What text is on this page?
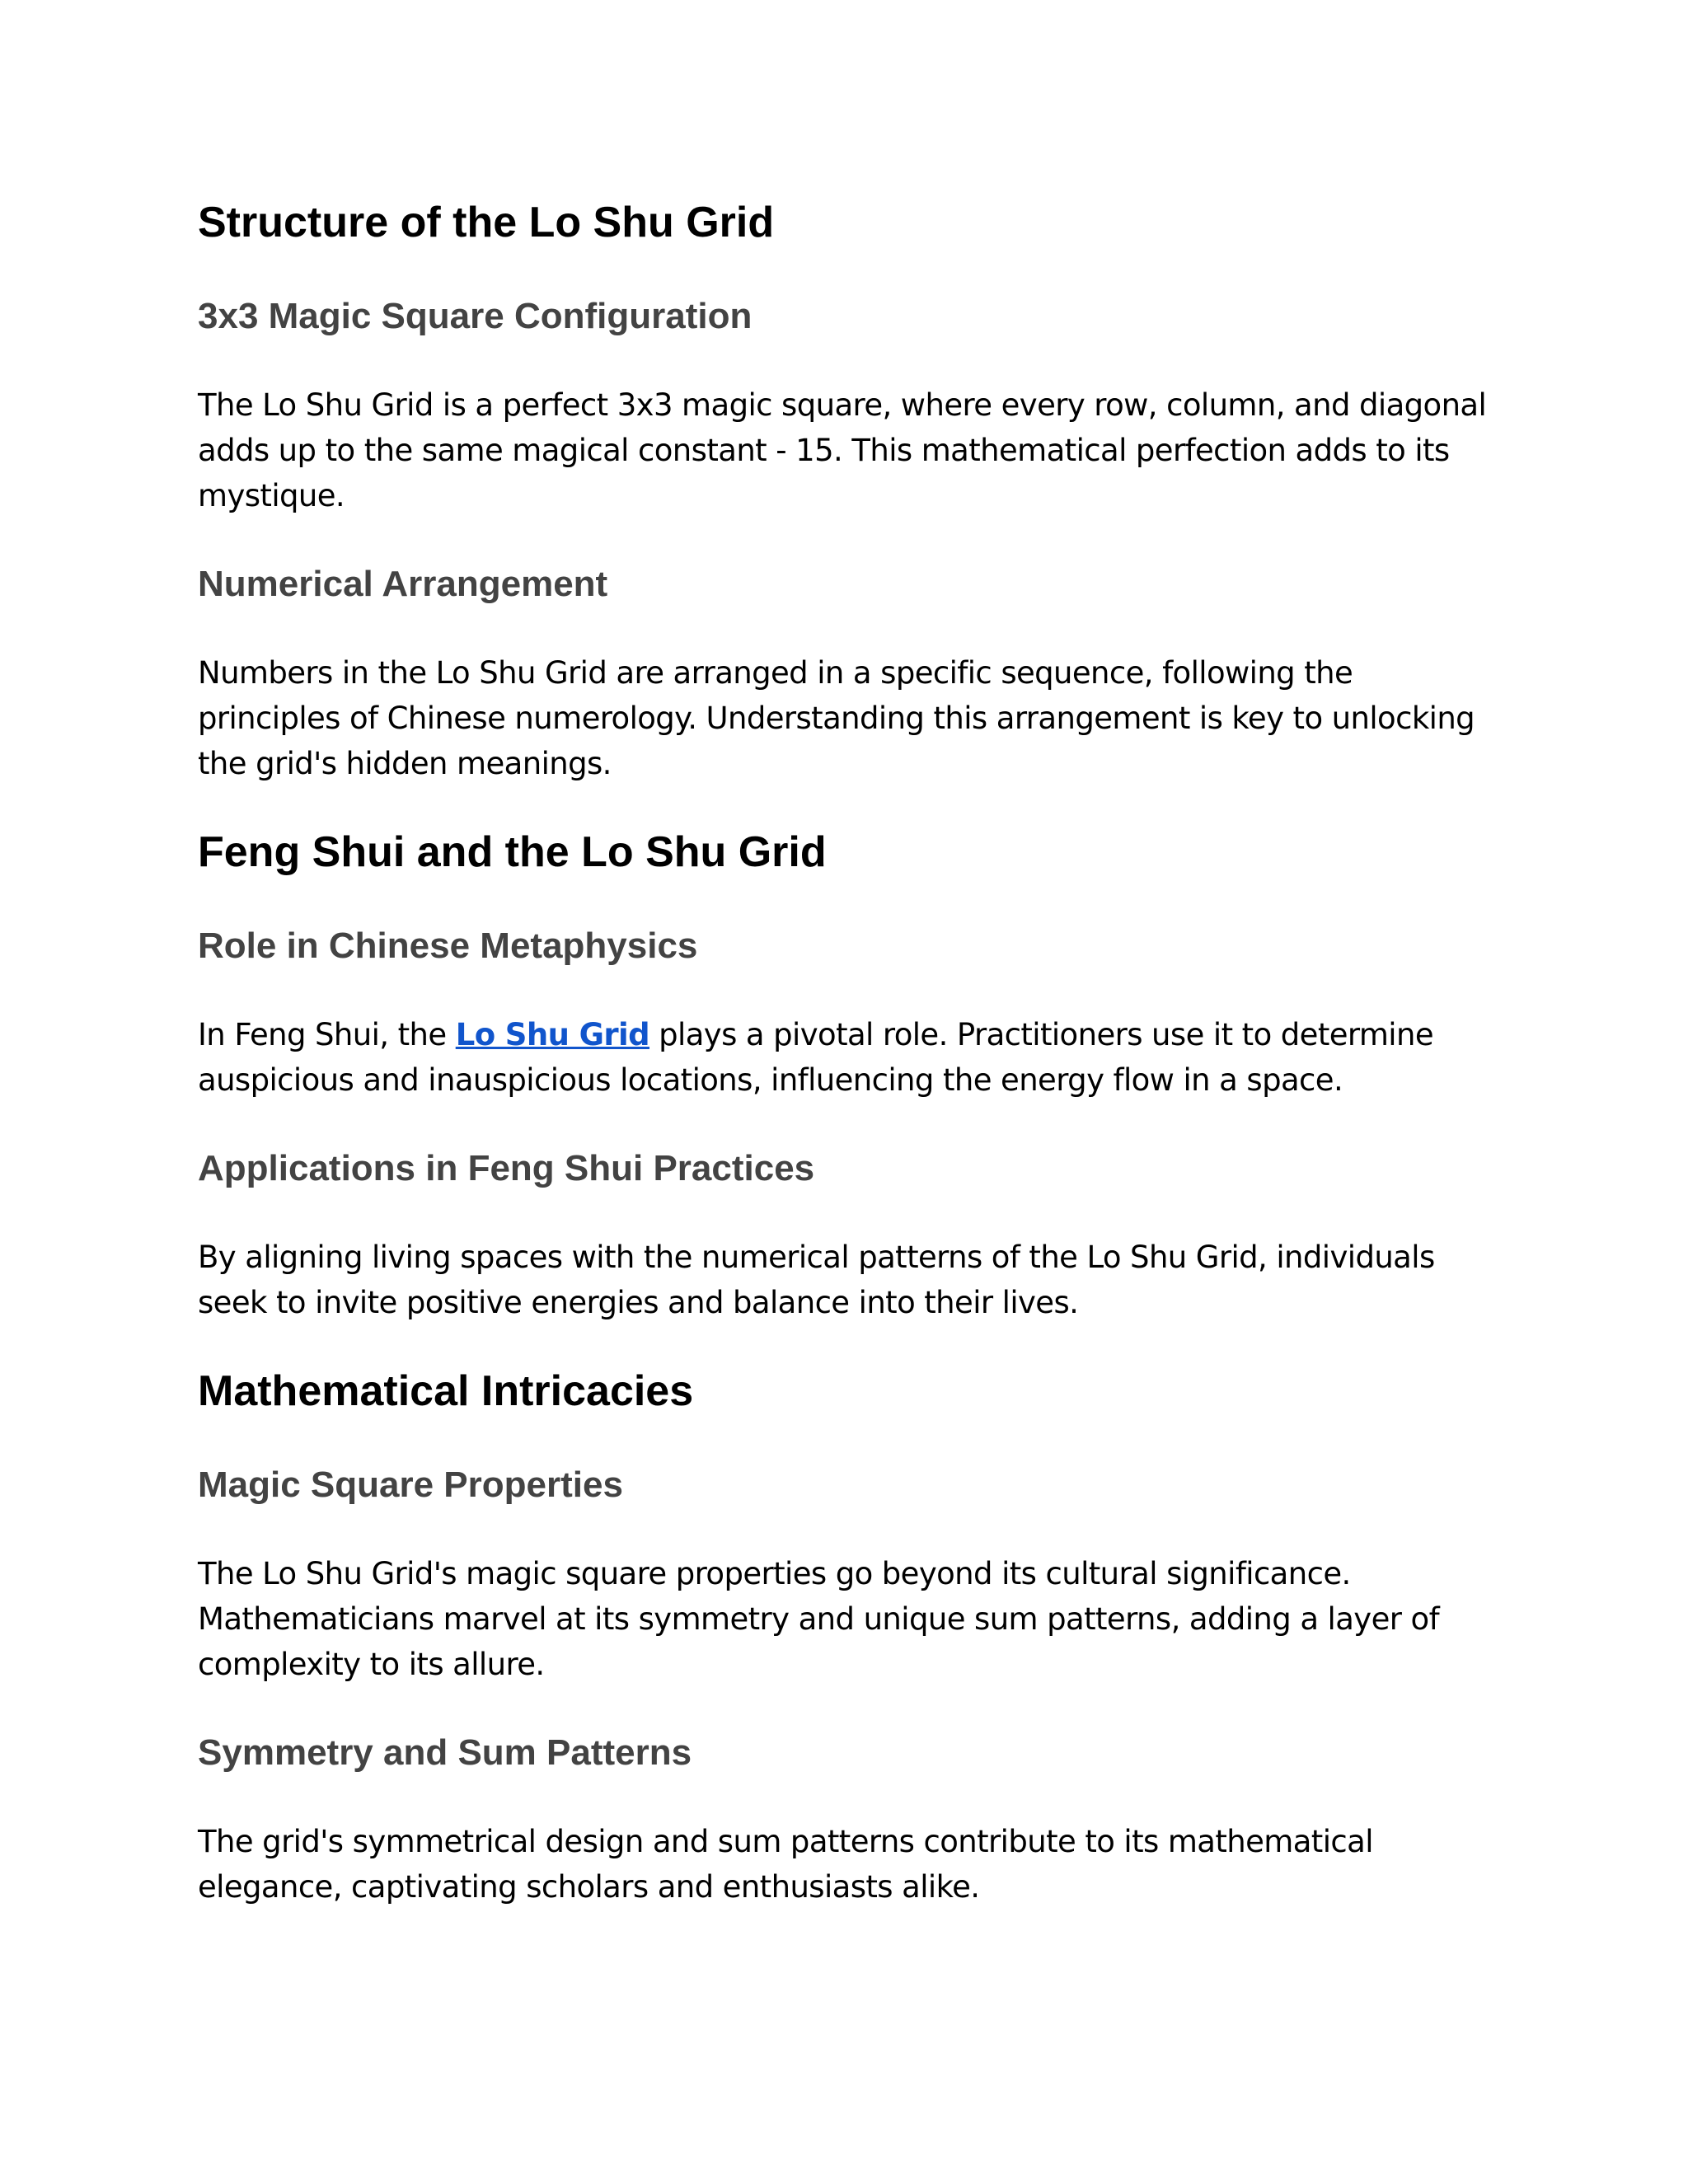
Structure of the Lo Shu Grid
3x3 Magic Square Configuration

The Lo Shu Grid is a perfect 3x3 magic square, where every row, column, and diagonal adds up to the same magical constant - 15. This mathematical perfection adds to its mystique.

Numerical Arrangement

Numbers in the Lo Shu Grid are arranged in a specific sequence, following the principles of Chinese numerology. Understanding this arrangement is key to unlocking the grid's hidden meanings.

Feng Shui and the Lo Shu Grid
Role in Chinese Metaphysics

In Feng Shui, the Lo Shu Grid plays a pivotal role. Practitioners use it to determine auspicious and inauspicious locations, influencing the energy flow in a space.

Applications in Feng Shui Practices

By aligning living spaces with the numerical patterns of the Lo Shu Grid, individuals seek to invite positive energies and balance into their lives.

Mathematical Intricacies
Magic Square Properties

The Lo Shu Grid's magic square properties go beyond its cultural significance. Mathematicians marvel at its symmetry and unique sum patterns, adding a layer of complexity to its allure.

Symmetry and Sum Patterns

The grid's symmetrical design and sum patterns contribute to its mathematical elegance, captivating scholars and enthusiasts alike.
